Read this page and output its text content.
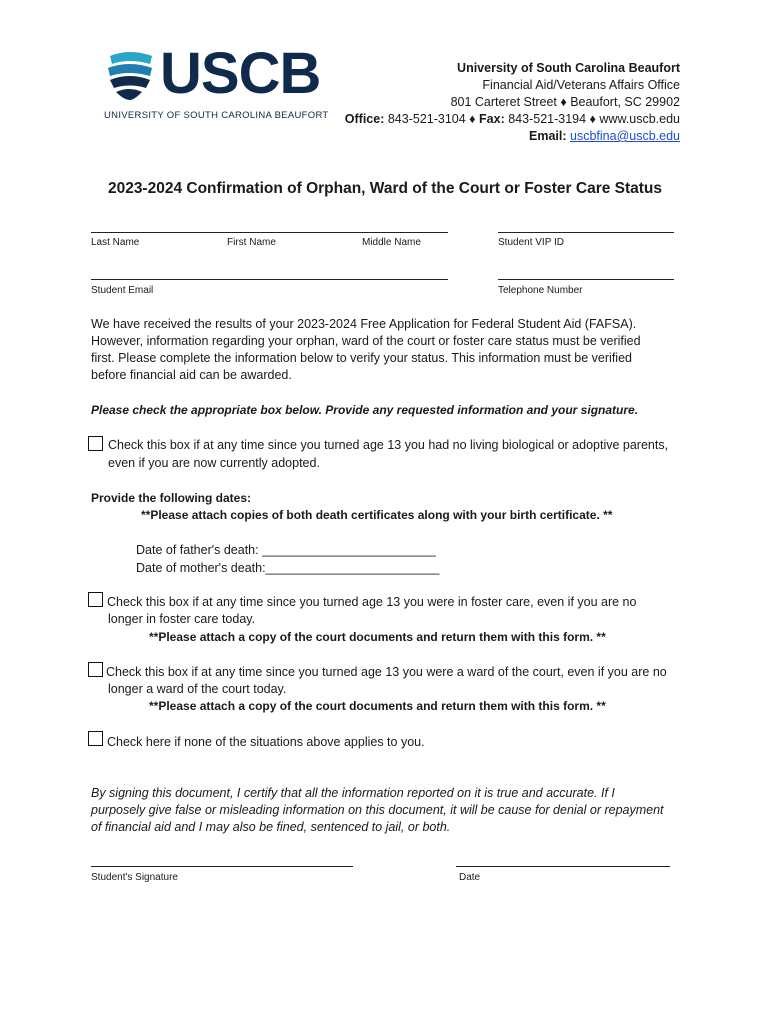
USCB
UNIVERSITY OF SOUTH CAROLINA BEAUFORT
University of South Carolina Beaufort
Financial Aid/Veterans Affairs Office
801 Carteret Street ♦ Beaufort, SC 29902
Office: 843-521-3104 ♦ Fax: 843-521-3194 ♦ www.uscb.edu
Email: uscbfina@uscb.edu
2023-2024 Confirmation of Orphan, Ward of the Court or Foster Care Status
Last Name	First Name	Middle Name	Student VIP ID
Student Email	Telephone Number
We have received the results of your 2023-2024 Free Application for Federal Student Aid (FAFSA).
However, information regarding your orphan, ward of the court or foster care status must be verified
first. Please complete the information below to verify your status. This information must be verified
before financial aid can be awarded.
Please check the appropriate box below. Provide any requested information and your signature.
Check this box if at any time since you turned age 13 you had no living biological or adoptive parents,
even if you are now currently adopted.
Provide the following dates:
**Please attach copies of both death certificates along with your birth certificate. **
Date of father's death: _________________________
Date of mother's death:_________________________
Check this box if at any time since you turned age 13 you were in foster care, even if you are no
longer in foster care today.
**Please attach a copy of the court documents and return them with this form. **
Check this box if at any time since you turned age 13 you were a ward of the court, even if you are no
longer a ward of the court today.
**Please attach a copy of the court documents and return them with this form. **
Check here if none of the situations above applies to you.
By signing this document, I certify that all the information reported on it is true and accurate. If I
purposely give false or misleading information on this document, it will be cause for denial or repayment
of financial aid and I may also be fined, sentenced to jail, or both.
Student's Signature	Date
